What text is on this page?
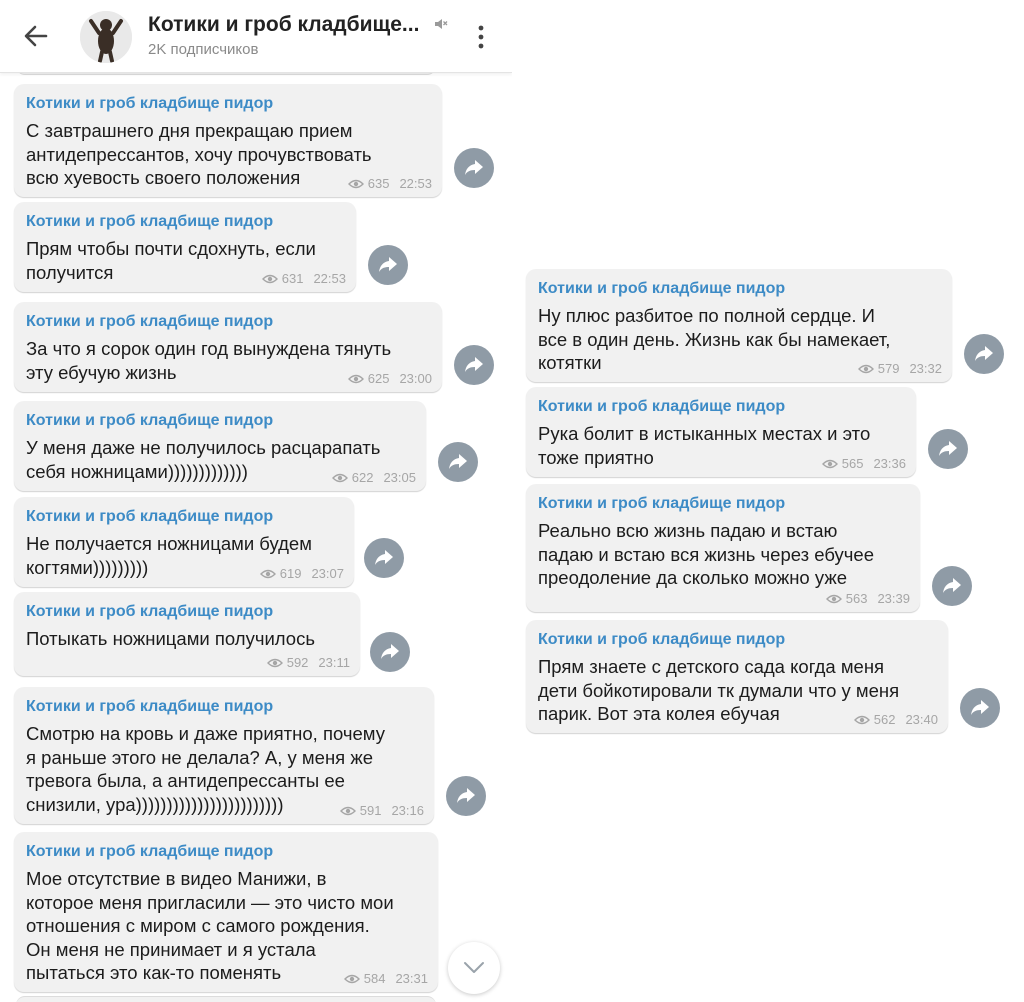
Котики и гроб кладбище...
2K подписчиков
Котики и гроб кладбище пидор
С завтрашнего дня прекращаю прием
антидепрессантов, хочу прочувствовать
всю хуевость своего положения	635 22:53
Котики и гроб кладбище пидор
Прям чтобы почти сдохнуть, если
получится	631 22:53
Котики и гроб кладбище пидор
За что я сорок один год вынуждена тянуть
эту ебучую жизнь	625 23:00
Котики и гроб кладбище пидор
У меня даже не получилось расцарапать
себя ножницами)))))))))))))	622 23:05
Котики и гроб кладбище пидор
Не получается ножницами будем
когтями)))))))))	619 23:07
Котики и гроб кладбище пидор
Потыкать ножницами получилось
592 23:11
Котики и гроб кладбище пидор
Смотрю на кровь и даже приятно, почему
я раньше этого не делала? А, у меня же
тревога была, а антидепрессанты ее
снизили, ура))))))))))))))))))))))))	591 23:16
Котики и гроб кладбище пидор
Мое отсутствие в видео Манижи, в
которое меня пригласили — это чисто мои
отношения с миром с самого рождения.
Он меня не принимает и я устала
пытаться это как-то поменять	584 23:31
Котики и гроб кладбище пидор
Ну плюс разбитое по полной сердце. И
все в один день. Жизнь как бы намекает,
котятки	579 23:32
Котики и гроб кладбище пидор
Рука болит в истыканных местах и это
тоже приятно	565 23:36
Котики и гроб кладбище пидор
Реально всю жизнь падаю и встаю
падаю и встаю вся жизнь через ебучее
преодоление да сколько можно уже
563 23:39
Котики и гроб кладбище пидор
Прям знаете с детского сада когда меня
дети бойкотировали тк думали что у меня
парик. Вот эта колея ебучая	562 23:40
